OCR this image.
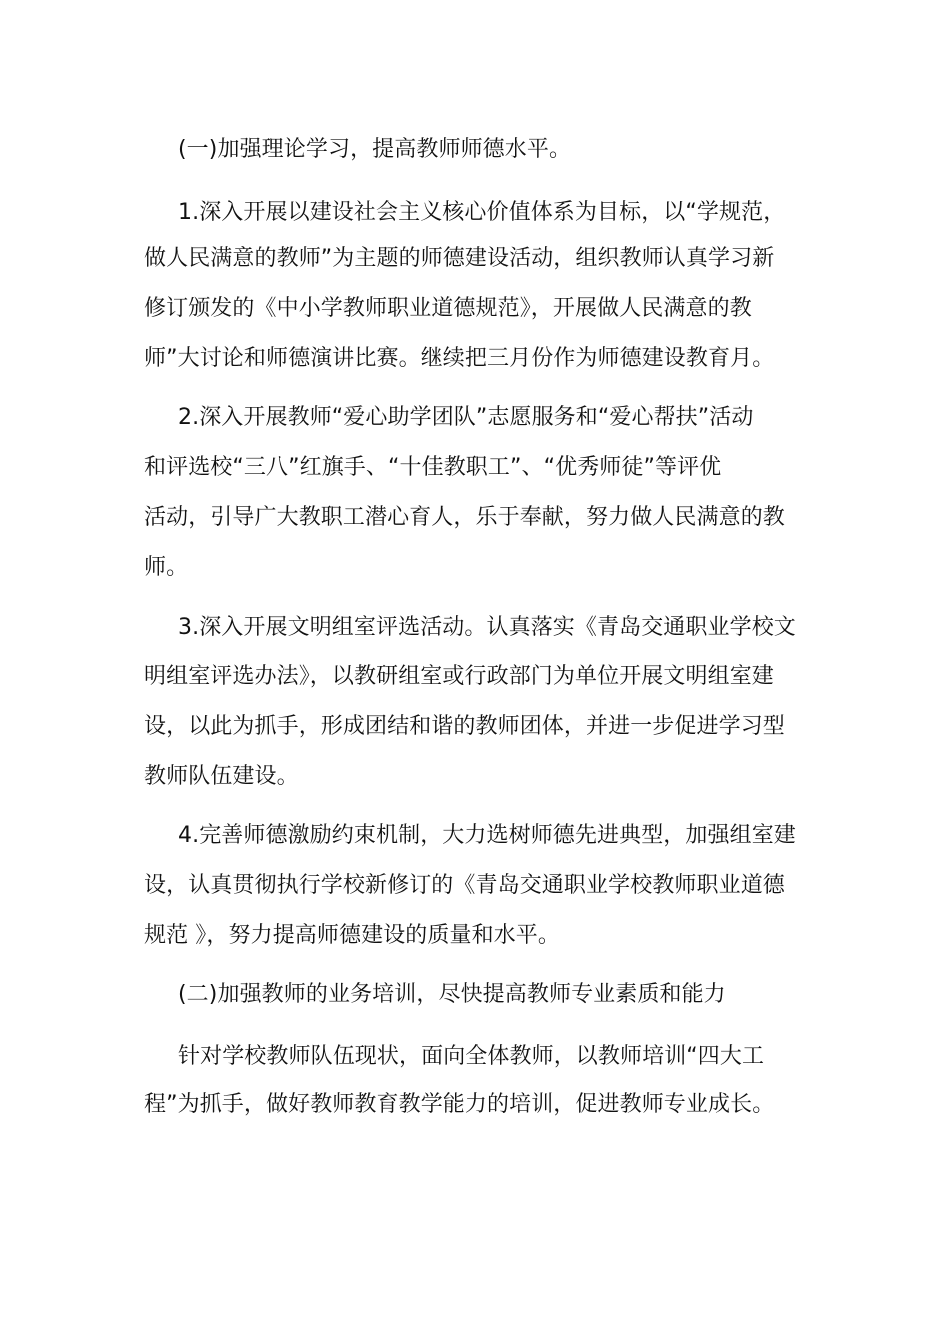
(一)加强理论学习，提高教师师德水平。
1.深入开展以建设社会主义核心价值体系为目标，以“学规范，
做人民满意的教师”为主题的师德建设活动，组织教师认真学习新
修订颁发的《中小学教师职业道德规范》，开展做人民满意的教
师”大讨论和师德演讲比赛。继续把三月份作为师德建设教育月。
2.深入开展教师“爱心助学团队”志愿服务和“爱心帮扶”活动
和评选校“三八”红旗手、“十佳教职工”、“优秀师徒”等评优
活动，引导广大教职工潜心育人，乐于奉献，努力做人民满意的教
师。
3.深入开展文明组室评选活动。认真落实《青岛交通职业学校文
明组室评选办法》，以教研组室或行政部门为单位开展文明组室建
设，以此为抓手，形成团结和谐的教师团体，并进一步促进学习型
教师队伍建设。
4.完善师德激励约束机制，大力选树师德先进典型，加强组室建
设，认真贯彻执行学校新修订的《青岛交通职业学校教师职业道德
规范 》，努力提高师德建设的质量和水平。
(二)加强教师的业务培训，尽快提高教师专业素质和能力
针对学校教师队伍现状，面向全体教师，以教师培训“四大工
程”为抓手，做好教师教育教学能力的培训，促进教师专业成长。
